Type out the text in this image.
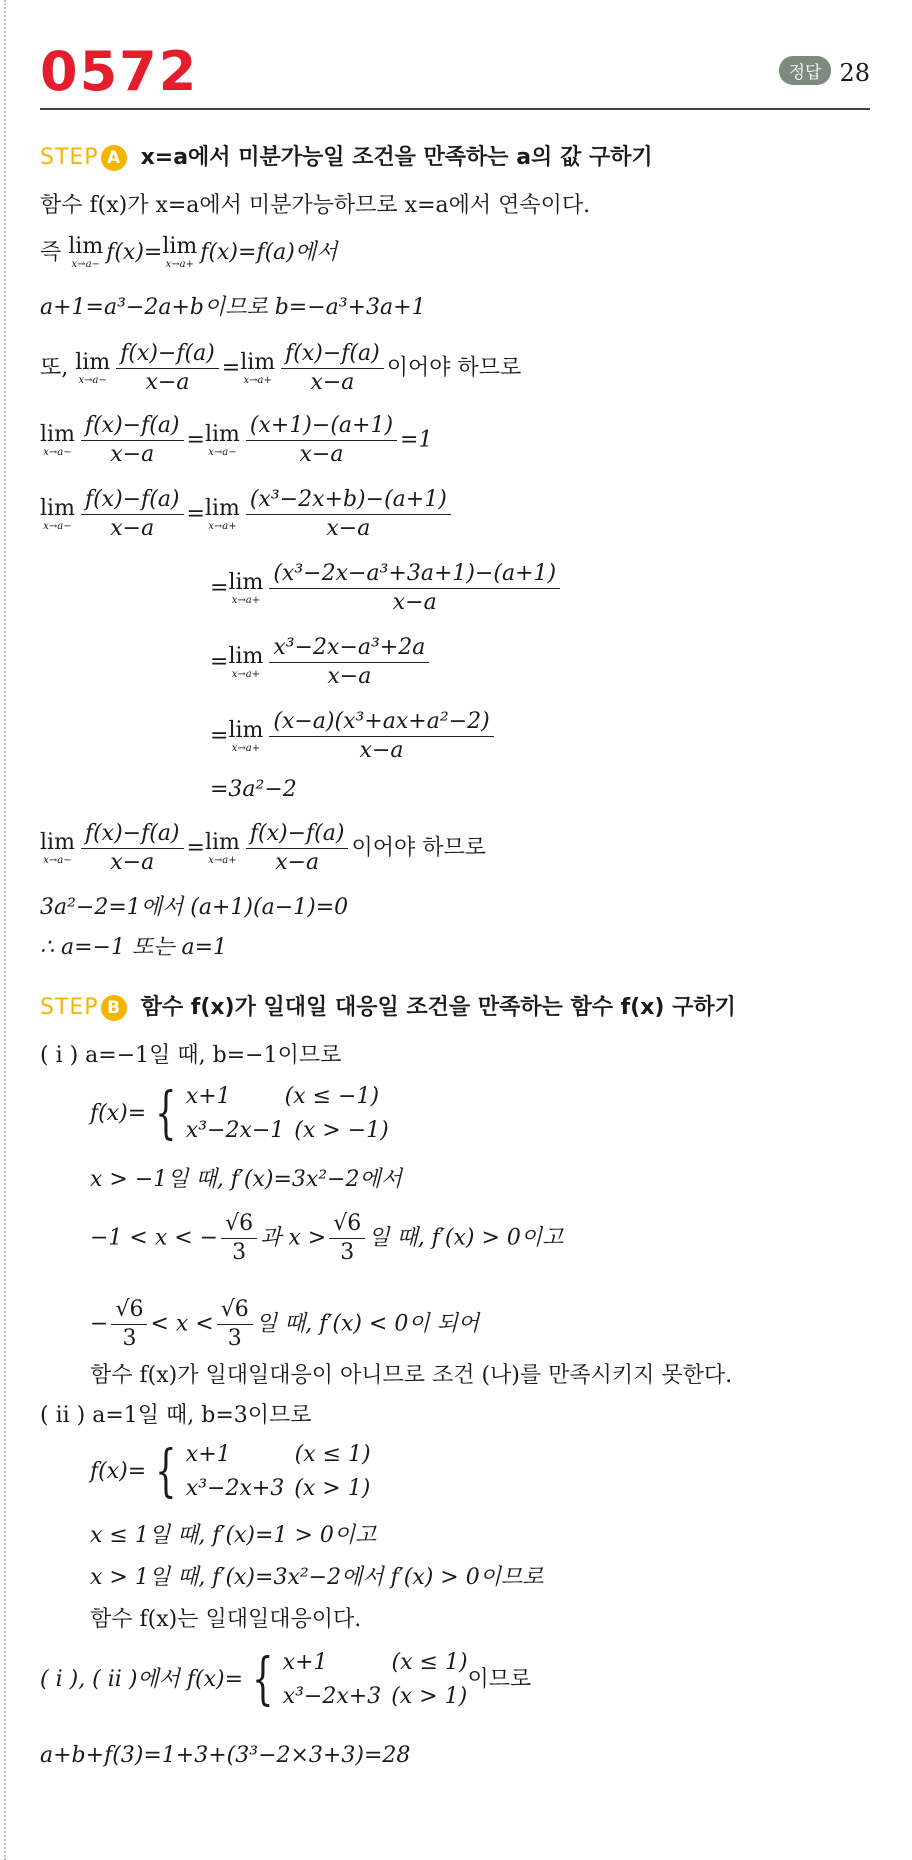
0572	정답 28
STEP A x=a에서 미분가능일 조건을 만족하는 a의 값 구하기
함수 f(x)가 x=a에서 미분가능하므로 x=a에서 연속이다.
즉 lim
x→a− f(x)= lim
x→a+ f(x)=f(a)에서
a+1=a³−2a+b이므로 b=−a³+3a+1
또, lim
$x\to a- \frac{f(x)-f(a)}{x-a} = \lim$
$x\to a+ \frac{f(x)-f(a)}{x-a}$ 이어야 하므로
lim
$x\to a- \frac{f(x)-f(a)}{x-a} = \lim$
$x\to a- \frac{(x+1)-(a+1)}{x-a} =1$
lim
$x\to a- \frac{f(x)-f(a)}{x-a} = \lim$
$x\to a+ \frac{\text{(x³−2x+b)−(a+1)}}{x-a}$
= lim
$x\to a+ \frac{\text{(x³−2x−a³+3a+1)−(a+1)}}{x-a}$
= lim
$x\to a+ \frac{\text{x³−2x−a³+2a}}{x-a}$
= lim
$x\to a+ \frac{\text{(x−a)(x³+ax+a²−2)}}{x-a}$
=3a²−2
lim
$x\to a- \frac{f(x)-f(a)}{x-a} = \lim$
$x\to a+ \frac{f(x)-f(a)}{x-a}$ 이어야 하므로
3a²−2=1에서 (a+1)(a−1)=0
∴ a=−1 또는 a=1
STEP B 함수 f(x)가 일대일 대응일 조건을 만족하는 함수 f(x) 구하기
( i ) a=−1일 때, b=−1이므로
f(x)= { x+1 (x ≤ −1)
x³−2x−1 (x > −1)
x > −1일 때, f′(x)=3x²−2에서
−1 < x < − $\frac{√6}{3}$ 과 $x > \frac{√6}{3}$ 일 때, f′(x) > 0이고
− $\frac{√6}{3} < x < \frac{√6}{3}$ 일 때, f′(x) < 0이 되어
함수 f(x)가 일대일대응이 아니므로 조건 (나)를 만족시키지 못한다.
( ii ) a=1일 때, b=3이므로
f(x)= { x+1	(x ≤ 1)
x³−2x+3 (x > 1)
x ≤ 1일 때, f′(x)=1 > 0이고
x > 1일 때, f′(x)=3x²−2에서 f′(x) > 0이므로
함수 f(x)는 일대일대응이다.
( i ), ( ii )에서 f(x)= { x+1	(x ≤ 1)
x³−2x+3 (x > 1)이므로
a+b+f(3)=1+3+(3³−2×3+3)=28
